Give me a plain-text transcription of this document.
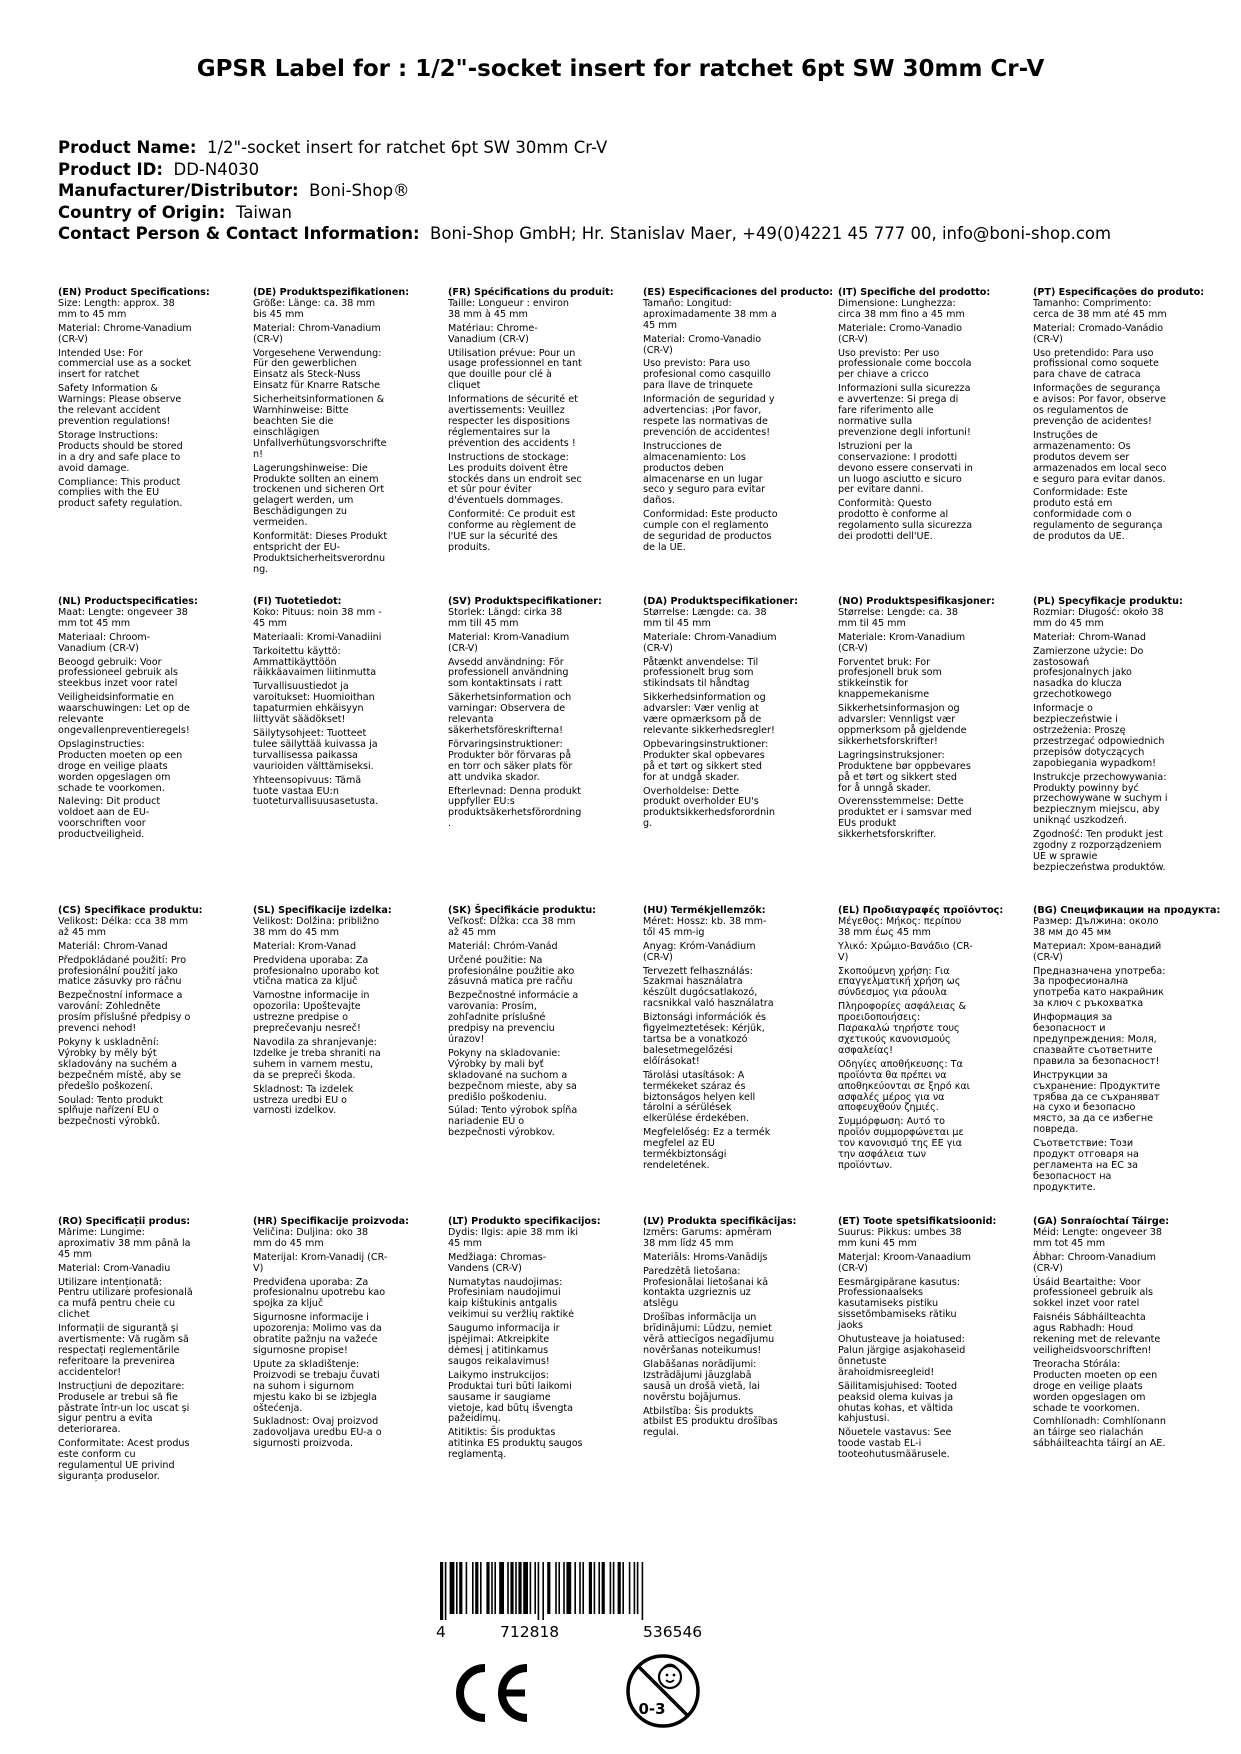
GPSR Label for : 1/2"-socket insert for ratchet 6pt SW 30mm Cr-V
Product Name: 1/2"-socket insert for ratchet 6pt SW 30mm Cr-V
Product ID: DD-N4030
Manufacturer/Distributor: Boni-Shop®
Country of Origin: Taiwan
Contact Person & Contact Information: Boni-Shop GmbH; Hr. Stanislav Maer, +49(0)4221 45 777 00, info@boni-shop.com
(EN) Product Specifications:

Size: Length: approx. 38 mm to 45 mm

Material: Chrome-Vanadium (CR-V)

Intended Use: For commercial use as a socket insert for ratchet

Safety Information & Warnings: Please observe the relevant accident prevention regulations!

Storage Instructions: Products should be stored in a dry and safe place to avoid damage.

Compliance: This product complies with the EU product safety regulation.

(DE) Produktspezifikationen:

Größe: Länge: ca. 38 mm bis 45 mm

Material: Chrom-Vanadium (CR-V)

Vorgesehene Verwendung: Für den gewerblichen Einsatz als Steck-Nuss Einsatz für Knarre Ratsche

Sicherheitsinformationen & Warnhinweise: Bitte beachten Sie die einschlägigen Unfallverhütungsvorschriften!

Lagerungshinweise: Die Produkte sollten an einem trockenen und sicheren Ort gelagert werden, um Beschädigungen zu vermeiden.

Konformität: Dieses Produkt entspricht der EU-Produktsicherheitsverordnung.

(FR) Spécifications du produit:

Taille: Longueur : environ 38 mm à 45 mm

Matériau: Chrome-Vanadium (CR-V)

Utilisation prévue: Pour un usage professionnel en tant que douille pour clé à cliquet

Informations de sécurité et avertissements: Veuillez respecter les dispositions réglementaires sur la prévention des accidents !

Instructions de stockage: Les produits doivent être stockés dans un endroit sec et sûr pour éviter d'éventuels dommages.

Conformité: Ce produit est conforme au règlement de l'UE sur la sécurité des produits.

(ES) Especificaciones del producto:

Tamaño: Longitud: aproximadamente 38 mm a 45 mm

Material: Cromo-Vanadio (CR-V)

Uso previsto: Para uso profesional como casquillo para llave de trinquete

Información de seguridad y advertencias: ¡Por favor, respete las normativas de prevención de accidentes!

Instrucciones de almacenamiento: Los productos deben almacenarse en un lugar seco y seguro para evitar daños.

Conformidad: Este producto cumple con el reglamento de seguridad de productos de la UE.

(IT) Specifiche del prodotto:

Dimensione: Lunghezza: circa 38 mm fino a 45 mm

Materiale: Cromo-Vanadio (CR-V)

Uso previsto: Per uso professionale come boccola per chiave a cricco

Informazioni sulla sicurezza e avvertenze: Si prega di fare riferimento alle normative sulla prevenzione degli infortuni!

Istruzioni per la conservazione: I prodotti devono essere conservati in un luogo asciutto e sicuro per evitare danni.

Conformità: Questo prodotto è conforme al regolamento sulla sicurezza dei prodotti dell'UE.

(PT) Especificações do produto:

Tamanho: Comprimento: cerca de 38 mm até 45 mm

Material: Cromado-Vanádio (CR-V)

Uso pretendido: Para uso profissional como soquete para chave de catraca

Informações de segurança e avisos: Por favor, observe os regulamentos de prevenção de acidentes!

Instruções de armazenamento: Os produtos devem ser armazenados em local seco e seguro para evitar danos.

Conformidade: Este produto está em conformidade com o regulamento de segurança de produtos da UE.

(NL) Productspecificaties:

Maat: Lengte: ongeveer 38 mm tot 45 mm

Materiaal: Chroom-Vanadium (CR-V)

Beoogd gebruik: Voor professioneel gebruik als steekbus inzet voor ratel

Veiligheidsinformatie en waarschuwingen: Let op de relevante ongevallenpreventieregels!

Opslaginstructies: Producten moeten op een droge en veilige plaats worden opgeslagen om schade te voorkomen.

Naleving: Dit product voldoet aan de EU-voorschriften voor productveiligheid.

(FI) Tuotetiedot:

Koko: Pituus: noin 38 mm - 45 mm

Materiaali: Kromi-Vanadiini

Tarkoitettu käyttö: Ammattikäyttöön räikkäavaimen liitinmutta

Turvallisuustiedot ja varoitukset: Huomioithan tapaturmien ehkäisyyn liittyvät säädökset!

Säilytysohjeet: Tuotteet tulee säilyttää kuivassa ja turvallisessa paikassa vaurioiden välttämiseksi.

Yhteensopivuus: Tämä tuote vastaa EU:n tuoteturvallisuusasetusta.

(SV) Produktspecifikationer:

Storlek: Längd: cirka 38 mm till 45 mm

Material: Krom-Vanadium (CR-V)

Avsedd användning: För professionell användning som kontaktinsats i ratt

Säkerhetsinformation och varningar: Observera de relevanta säkerhetsföreskrifterna!

Förvaringsinstruktioner: Produkter bör förvaras på en torr och säker plats för att undvika skador.

Efterlevnad: Denna produkt uppfyller EU:s produktsäkerhetsförordning.

(DA) Produktspecifikationer:

Størrelse: Længde: ca. 38 mm til 45 mm

Materiale: Chrom-Vanadium (CR-V)

Påtænkt anvendelse: Til professionelt brug som stikindsats til håndtag

Sikkerhedsinformation og advarsler: Vær venlig at være opmærksom på de relevante sikkerhedsregler!

Opbevaringsinstruktioner: Produkter skal opbevares på et tørt og sikkert sted for at undgå skader.

Overholdelse: Dette produkt overholder EU's produktsikkerhedsforordning.

(NO) Produktspesifikasjoner:

Størrelse: Lengde: ca. 38 mm til 45 mm

Materiale: Krom-Vanadium (CR-V)

Forventet bruk: For profesjonell bruk som stikkeinstik for knappemekanisme

Sikkerhetsinformasjon og advarsler: Vennligst vær oppmerksom på gjeldende sikkerhetsforskrifter!

Lagringsinstruksjoner: Produktene bør oppbevares på et tørt og sikkert sted for å unngå skader.

Overensstemmelse: Dette produktet er i samsvar med EUs produkt sikkerhetsforskrifter.

(PL) Specyfikacje produktu:

Rozmiar: Długość: około 38 mm do 45 mm

Materiał: Chrom-Wanad

Zamierzone użycie: Do zastosowań profesjonalnych jako nasadka do klucza grzechotkowego

Informacje o bezpieczeństwie i ostrzeżenia: Proszę przestrzegać odpowiednich przepisów dotyczących zapobiegania wypadkom!

Instrukcje przechowywania: Produkty powinny być przechowywane w suchym i bezpiecznym miejscu, aby uniknąć uszkodzeń.

Zgodność: Ten produkt jest zgodny z rozporządzeniem UE w sprawie bezpieczeństwa produktów.

(CS) Specifikace produktu:

Velikost: Délka: cca 38 mm až 45 mm

Materiál: Chrom-Vanad

Předpokládané použití: Pro profesionální použití jako matice zásuvky pro ráčnu

Bezpečnostní informace a varování: Zohledněte prosím příslušné předpisy o prevenci nehod!

Pokyny k uskladnění: Výrobky by měly být skladovány na suchém a bezpečném místě, aby se předešlo poškození.

Soulad: Tento produkt splňuje nařízení EU o bezpečnosti výrobků.

(SL) Specifikacije izdelka:

Velikost: Dolžina: približno 38 mm do 45 mm

Material: Krom-Vanad

Predvidena uporaba: Za profesionalno uporabo kot vtična matica za ključ

Varnostne informacije in opozorila: Upoštevajte ustrezne predpise o preprečevanju nesreč!

Navodila za shranjevanje: Izdelke je treba shraniti na suhem in varnem mestu, da se prepreči škoda.

Skladnost: Ta izdelek ustreza uredbi EU o varnosti izdelkov.

(SK) Špecifikácie produktu:

Veľkosť: Dĺžka: cca 38 mm až 45 mm

Materiál: Chróm-Vanád

Určené použitie: Na profesionálne použitie ako zásuvná matica pre račňu

Bezpečnostné informácie a varovania: Prosím, zohľadnite príslušné predpisy na prevenciu úrazov!

Pokyny na skladovanie: Výrobky by mali byť skladované na suchom a bezpečnom mieste, aby sa predišlo poškodeniu.

Súlad: Tento výrobok spĺňa nariadenie EÚ o bezpečnosti výrobkov.

(HU) Termékjellemzők:

Méret: Hossz: kb. 38 mm-től 45 mm-ig

Anyag: Króm-Vanádium (CR-V)

Tervezett felhasználás: Szakmai használatra készült dugócsatlakozó, racsnikkal való használatra

Biztonsági információk és figyelmeztetések: Kérjük, tartsa be a vonatkozó balesetmegelőzési előírásokat!

Tárolási utasítások: A termékeket száraz és biztonságos helyen kell tárolni a sérülések elkerülése érdekében.

Megfelelőség: Ez a termék megfelel az EU termékbiztonsági rendeletének.

(EL) Προδιαγραφές προϊόντος:

Μέγεθος: Μήκος: περίπου 38 mm έως 45 mm

Υλικό: Χρώμιο-Βανάδιο (CR-V)

Σκοπούμενη χρήση: Για επαγγελματική χρήση ως σύνδεσμος για ράουλα

Πληροφορίες ασφάλειας & προειδοποιήσεις: Παρακαλώ τηρήστε τους σχετικούς κανονισμούς ασφαλείας!

Οδηγίες αποθήκευσης: Τα προϊόντα θα πρέπει να αποθηκεύονται σε ξηρό και ασφαλές μέρος για να αποφευχθούν ζημιές.

Συμμόρφωση: Αυτό το προϊόν συμμορφώνεται με τον κανονισμό της ΕΕ για την ασφάλεια των προϊόντων.

(BG) Спецификации на продукта:

Размер: Дължина: около 38 мм до 45 мм

Материал: Хром-ванадий (CR-V)

Предназначена употреба: За професионална употреба като накрайник за ключ с ръкохватка

Информация за безопасност и предупреждения: Моля, спазвайте съответните правила за безопасност!

Инструкции за съхранение: Продуктите трябва да се съхраняват на сухо и безопасно място, за да се избегне повреда.

Съответствие: Този продукт отговаря на регламента на ЕС за безопасност на продуктите.

(RO) Specificații produs:

Mărime: Lungime: aproximativ 38 mm până la 45 mm

Material: Crom-Vanadiu

Utilizare intenționată: Pentru utilizare profesională ca mufă pentru cheie cu clichet

Informații de siguranță și avertismente: Vă rugăm să respectați reglementările referitoare la prevenirea accidentelor!

Instrucțiuni de depozitare: Produsele ar trebui să fie păstrate într-un loc uscat și sigur pentru a evita deteriorarea.

Conformitate: Acest produs este conform cu regulamentul UE privind siguranța produselor.

(HR) Specifikacije proizvoda:

Veličina: Duljina: oko 38 mm do 45 mm

Materijal: Krom-Vanadij (CR-V)

Predviđena uporaba: Za profesionalnu upotrebu kao spojka za ključ

Sigurnosne informacije i upozorenja: Molimo vas da obratite pažnju na važeće sigurnosne propise!

Upute za skladištenje: Proizvodi se trebaju čuvati na suhom i sigurnom mjestu kako bi se izbjegla oštećenja.

Sukladnost: Ovaj proizvod zadovoljava uredbu EU-a o sigurnosti proizvoda.

(LT) Produkto specifikacijos:

Dydis: Ilgis: apie 38 mm iki 45 mm

Medžiaga: Chromas-Vandens (CR-V)

Numatytas naudojimas: Profesiniam naudojimui kaip kištukinis antgalis veikimui su veržlių raktikė

Saugumo informacija ir įspėjimai: Atkreipkite dėmesį į atitinkamus saugos reikalavimus!

Laikymo instrukcijos: Produktai turi būti laikomi sausame ir saugiame vietoje, kad būtų išvengta pažeidimų.

Atitiktis: Šis produktas atitinka ES produktų saugos reglamentą.

(LV) Produkta specifikācijas:

Izmērs: Garums: apmēram 38 mm līdz 45 mm

Materiāls: Hroms-Vanādijs

Paredzētā lietošana: Profesionālai lietošanai kā kontakta uzgrieznis uz atslēgu

Drošības informācija un brīdinājumi: Lūdzu, ņemiet vērā attiecīgos negadījumu novēršanas noteikumus!

Glabāšanas norādījumi: Izstrādājumi jāuzglabā sausā un drošā vietā, lai novērstu bojājumus.

Atbilstība: Šis produkts atbilst ES produktu drošības regulai.

(ET) Toote spetsifikatsioonid:

Suurus: Pikkus: umbes 38 mm kuni 45 mm

Materjal: Kroom-Vanaadium (CR-V)

Eesmärgipärane kasutus: Professionaalseks kasutamiseks pistiku sissetõmbamiseks rätiku jaoks

Ohutusteave ja hoiatused: Palun järgige asjakohaseid õnnetuste ärahoidmisreegleid!

Säilitamisjuhised: Tooted peaksid olema kuivas ja ohutas kohas, et vältida kahjustusi.

Nõuetele vastavus: See toode vastab EL-i tooteohutusmäärusele.

(GA) Sonraíochtaí Táirge:

Méid: Lengte: ongeveer 38 mm tot 45 mm

Ábhar: Chroom-Vanadium (CR-V)

Úsáid Beartaithe: Voor professioneel gebruik als sokkel inzet voor ratel

Faisnéis Sábháilteachta agus Rabhadh: Houd rekening met de relevante veiligheidsvoorschriften!

Treoracha Stórála: Producten moeten op een droge en veilige plaats worden opgeslagen om schade te voorkomen.

Comhlíonadh: Comhlíonann an táirge seo rialachán sábháilteachta táirgí an AE.

4	712818	536546
0-3
